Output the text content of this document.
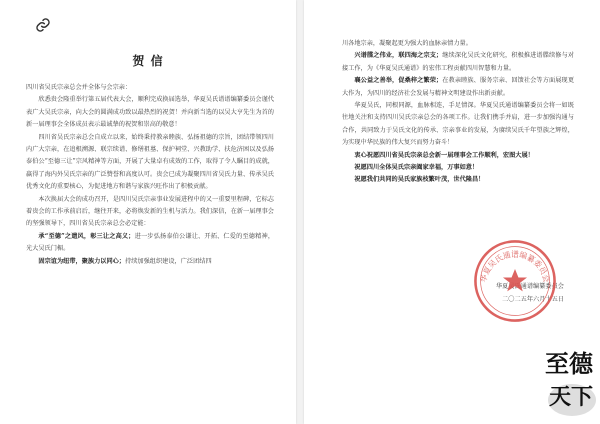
贺 信

四川省吴氏宗亲总会并全体与会宗亲：

欣悉贵会隆重举行第五届代表大会，顺利完成换届选举，华夏吴氏谱谱编纂委员会谨代表广大吴氏宗亲，向大会的圆满成功致以最热烈的祝贺！并向新当选的以吴大亨先生为首的新一届理事会全体成员表示最诚挚的祝贺和崇高的敬意！

四川省吴氏宗亲总会自成立以来，始终秉持教亲睦族、弘扬祖德的宗旨，团结带领四川内广大宗亲，在追根溯源、联宗续谱、修缮祖墓、保护祠堂、兴教助学、扶危济困以及弘扬泰伯公“至德三让”宗风精神等方面，开展了大量卓有成效的工作，取得了令人瞩目的成就，赢得了海内外吴氏宗亲的广泛赞誉和高度认可。贵会已成为凝聚四川省吴氏力量、传承吴氏优秀文化的重要核心，为促进地方和谐与家族兴旺作出了积极贡献。

本次换届大会的成功召开，是四川吴氏宗亲事业发展进程中的又一重要里程碑，它标志着贵会的工作承前启后，继往开来，必将焕发新的生机与活力。我们深信，在新一届理事会的坚强领导下，四川省吴氏宗亲总会必定能：

承“至德”之遗风，彰三让之高义；进一步弘扬泰伯公谦让、开拓、仁爱的至德精神，光大吴氏门楣。

固宗谊为纽带，聚族力以同心；持续加强组织建设，广泛团结四

川各地宗亲，凝聚起更为强大的血脉亲情力量。

兴谱牒之伟业，联四海之宗支；继续深化吴氏文化研究，积极推进谱牒续修与对接工作，为《华夏吴氏通谱》的宏伟工程贡献四川智慧和力量。

襄公益之善举，促桑梓之繁荣；在教亲睦族、服务宗亲、回馈社会等方面展现更大作为，为四川的经济社会发展与精神文明建设作出新贡献。

华夏吴氏，同根同源，血脉相连，手足情深。华夏吴氏通谱编纂委员会将一如既往地关注和支持四川吴氏宗亲总会的各项工作。让我们携手并肩，进一步加强沟通与合作，共同致力于吴氏文化的传承、宗亲事业的发展，为赓续吴氏千年望族之辉煌，为实现中华民族的伟大复兴而努力奋斗！

衷心祝愿四川省吴氏宗亲总会新一届理事会工作顺利，宏图大展！

祝愿四川全体吴氏宗亲阖家幸福，万事如意！

祝愿我们共同的吴氏家族枝繁叶茂，世代隆昌！

华夏吴氏通谱编纂委员会
二〇二五年六月十五日
华夏吴氏通谱编纂委员会
至德
天下
